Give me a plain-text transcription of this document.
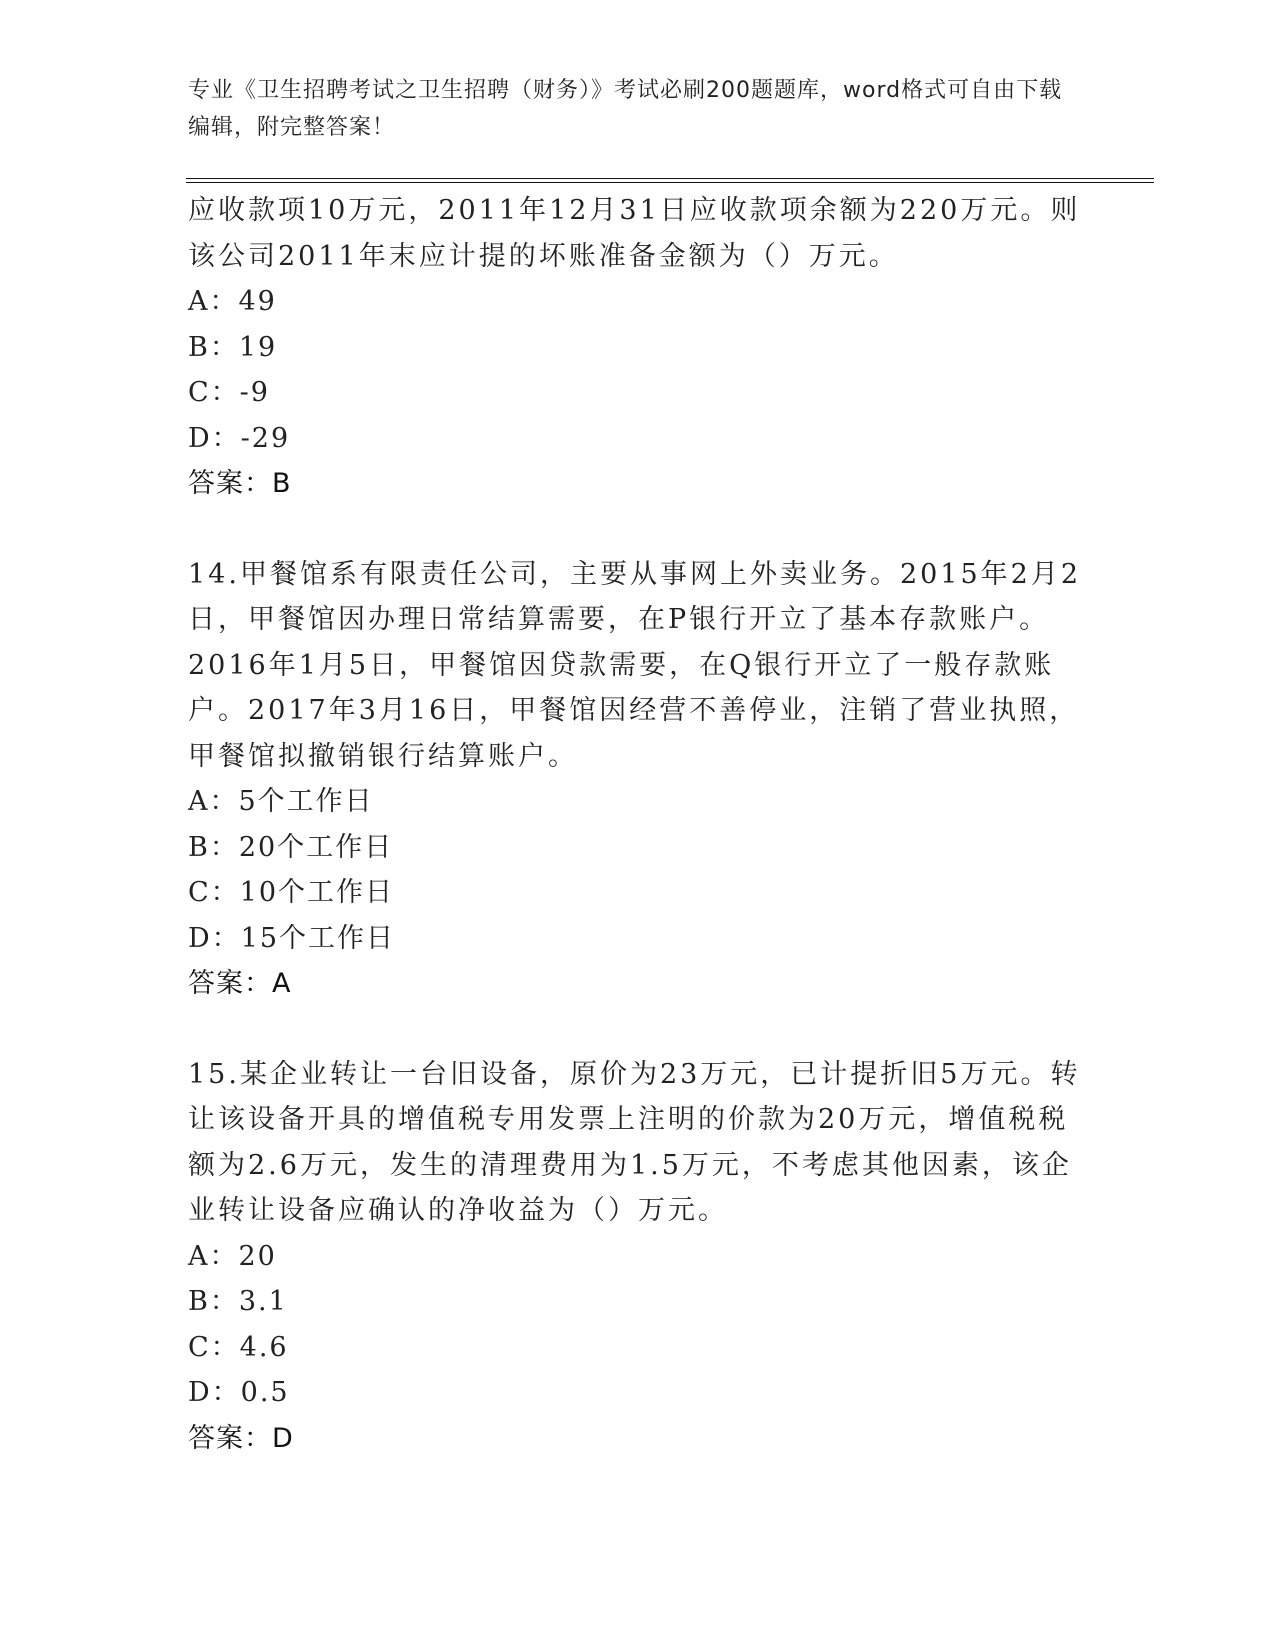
专业《卫生招聘考试之卫生招聘（财务）》考试必刷200题题库，word格式可自由下载编辑，附完整答案！
应收款项10万元，2011年12月31日应收款项余额为220万元。则该公司2011年末应计提的坏账准备金额为（）万元。
A：49
B：19
C：-9
D：-29
答案：B
14.甲餐馆系有限责任公司，主要从事网上外卖业务。2015年2月2日，甲餐馆因办理日常结算需要，在P银行开立了基本存款账户。2016年1月5日，甲餐馆因贷款需要，在Q银行开立了一般存款账户。2017年3月16日，甲餐馆因经营不善停业，注销了营业执照，甲餐馆拟撤销银行结算账户。
A：5个工作日
B：20个工作日
C：10个工作日
D：15个工作日
答案：A
15.某企业转让一台旧设备，原价为23万元，已计提折旧5万元。转让该设备开具的增值税专用发票上注明的价款为20万元，增值税税额为2.6万元，发生的清理费用为1.5万元，不考虑其他因素，该企业转让设备应确认的净收益为（）万元。
A：20
B：3.1
C：4.6
D：0.5
答案：D
